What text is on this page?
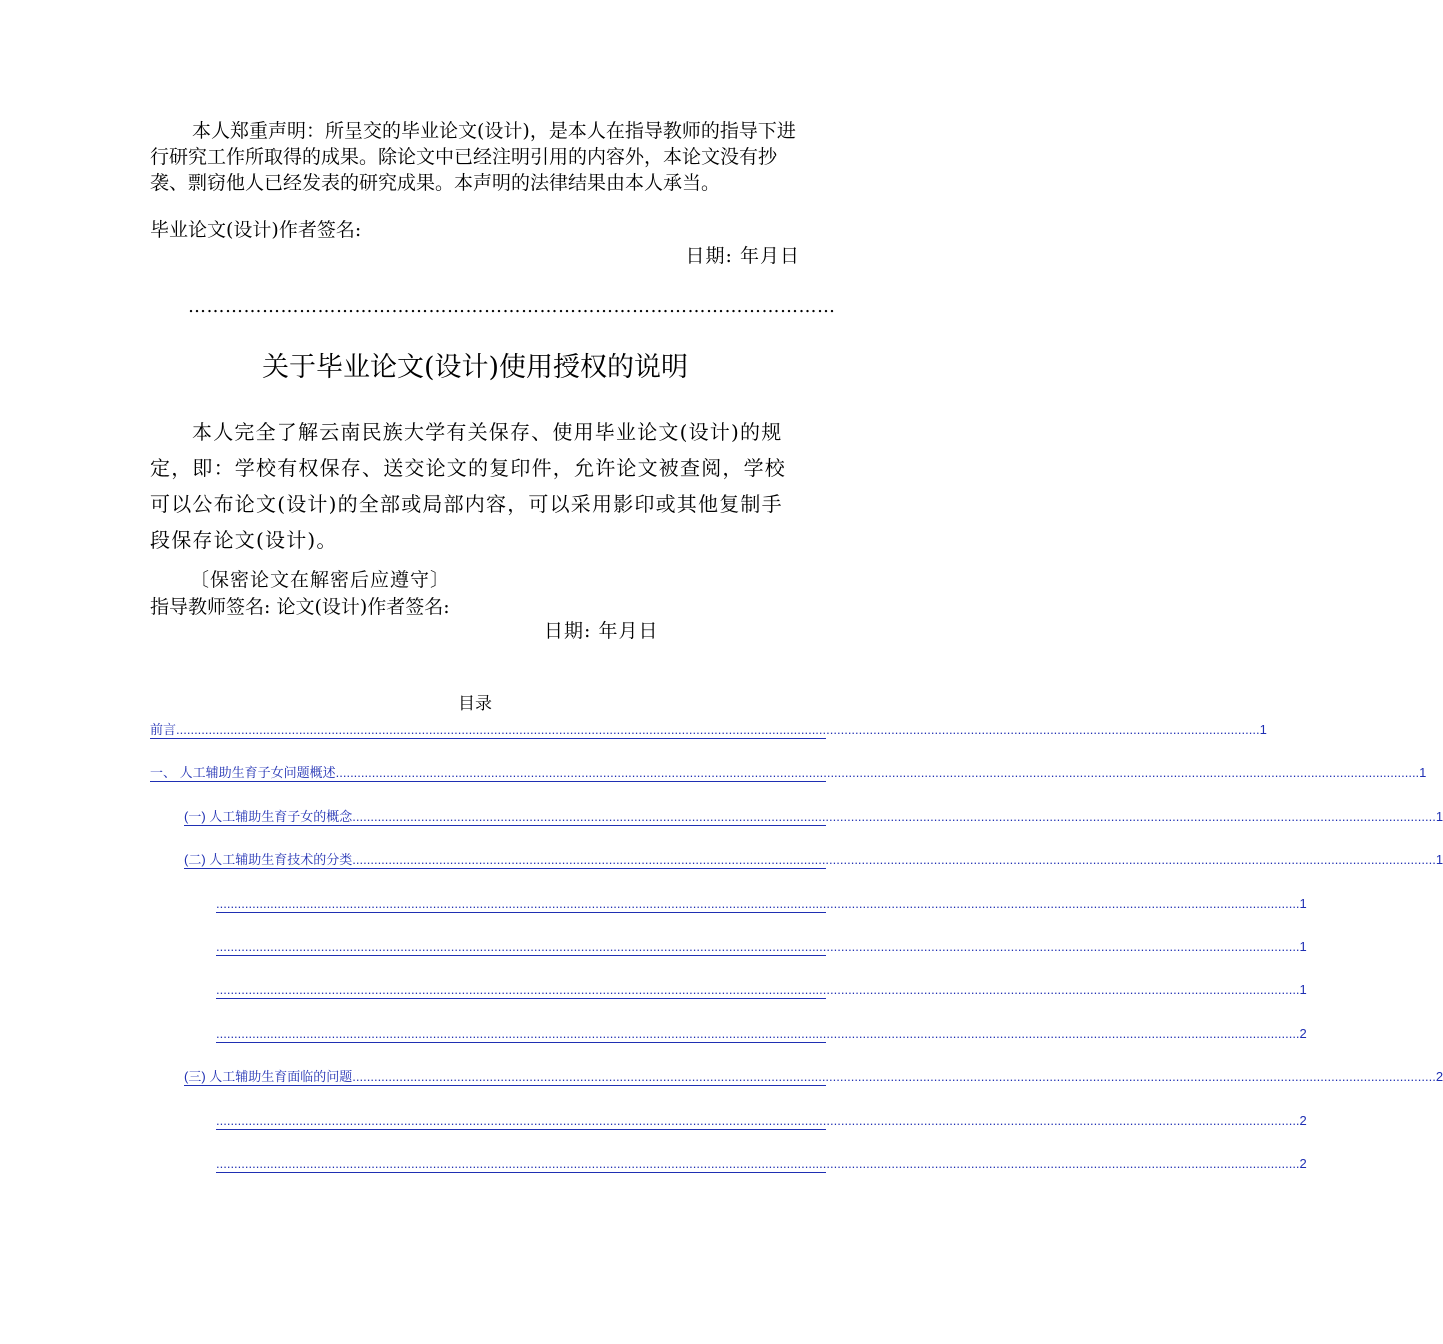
本人郑重声明：所呈交的毕业论文(设计)，是本人在指导教师的指导下进行研究工作所取得的成果。除论文中已经注明引用的内容外，本论文没有抄袭、剽窃他人已经发表的研究成果。本声明的法律结果由本人承当。

毕业论文(设计)作者签名:
日期: 年月日
……………………………………………………………………………………………
关于毕业论文(设计)使用授权的说明

本人完全了解云南民族大学有关保存、使用毕业论文(设计)的规定，即：学校有权保存、送交论文的复印件，允许论文被查阅，学校可以公布论文(设计)的全部或局部内容，可以采用影印或其他复制手段保存论文(设计)。

〔保密论文在解密后应遵守〕
指导教师签名: 论文(设计)作者签名:
日期: 年月日
目录
前言 ............................................................................................................................................................................................................................................................................................................ 1
一、 人工辅助生育子女问题概述 ............................................................................................................................................................................................................................................................................................................ 1
(一) 人工辅助生育子女的概念 ............................................................................................................................................................................................................................................................................................................ 1
(二) 人工辅助生育技术的分类 ............................................................................................................................................................................................................................................................................................................ 1
............................................................................................................................................................................................................................................................................................................ 1
............................................................................................................................................................................................................................................................................................................ 1
............................................................................................................................................................................................................................................................................................................ 1
............................................................................................................................................................................................................................................................................................................ 2
(三) 人工辅助生育面临的问题 ............................................................................................................................................................................................................................................................................................................ 2
............................................................................................................................................................................................................................................................................................................ 2
............................................................................................................................................................................................................................................................................................................ 2
